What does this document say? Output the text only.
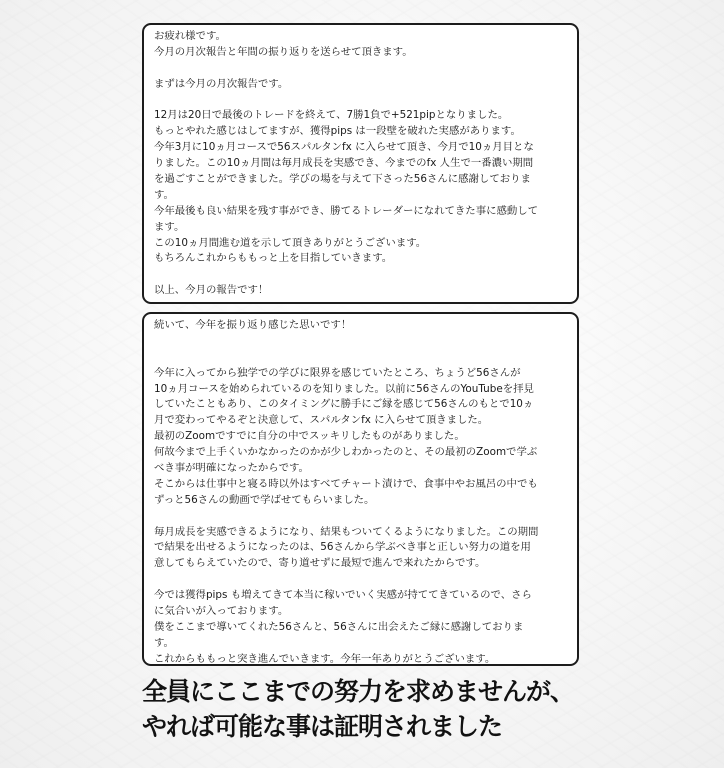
お疲れ様です。
今月の月次報告と年間の振り返りを送らせて頂きます。
まずは今月の月次報告です。
12月は20日で最後のトレードを終えて、7勝1負で+521pipとなりました。
もっとやれた感じはしてますが、獲得pips は一段壁を破れた実感があります。
今年3月に10ヵ月コースで56スパルタンfx に入らせて頂き、今月で10ヵ月目とな
りました。この10ヵ月間は毎月成長を実感でき、今までのfx 人生で一番濃い期間
を過ごすことができました。学びの場を与えて下さった56さんに感謝しておりま
す。
今年最後も良い結果を残す事ができ、勝てるトレーダーになれてきた事に感動して
ます。
この10ヵ月間進む道を示して頂きありがとうございます。
もちろんこれからももっと上を目指していきます。
以上、今月の報告です！
続いて、今年を振り返り感じた思いです！
今年に入ってから独学での学びに限界を感じていたところ、ちょうど56さんが
10ヵ月コースを始められているのを知りました。以前に56さんのYouTubeを拝見
していたこともあり、このタイミングに勝手にご縁を感じて56さんのもとで10ヵ
月で変わってやるぞと決意して、スパルタンfx に入らせて頂きました。
最初のZoomですでに自分の中でスッキリしたものがありました。
何故今まで上手くいかなかったのかが少しわかったのと、その最初のZoomで学ぶ
べき事が明確になったからです。
そこからは仕事中と寝る時以外はすべてチャート漬けで、食事中やお風呂の中でも
ずっと56さんの動画で学ばせてもらいました。
毎月成長を実感できるようになり、結果もついてくるようになりました。この期間
で結果を出せるようになったのは、56さんから学ぶべき事と正しい努力の道を用
意してもらえていたので、寄り道せずに最短で進んで来れたからです。
今では獲得pips も増えてきて本当に稼いでいく実感が持ててきているので、さら
に気合いが入っております。
僕をここまで導いてくれた56さんと、56さんに出会えたご縁に感謝しておりま
す。
これからももっと突き進んでいきます。今年一年ありがとうございます。
全員にここまでの努力を求めませんが、
やれば可能な事は証明されました
